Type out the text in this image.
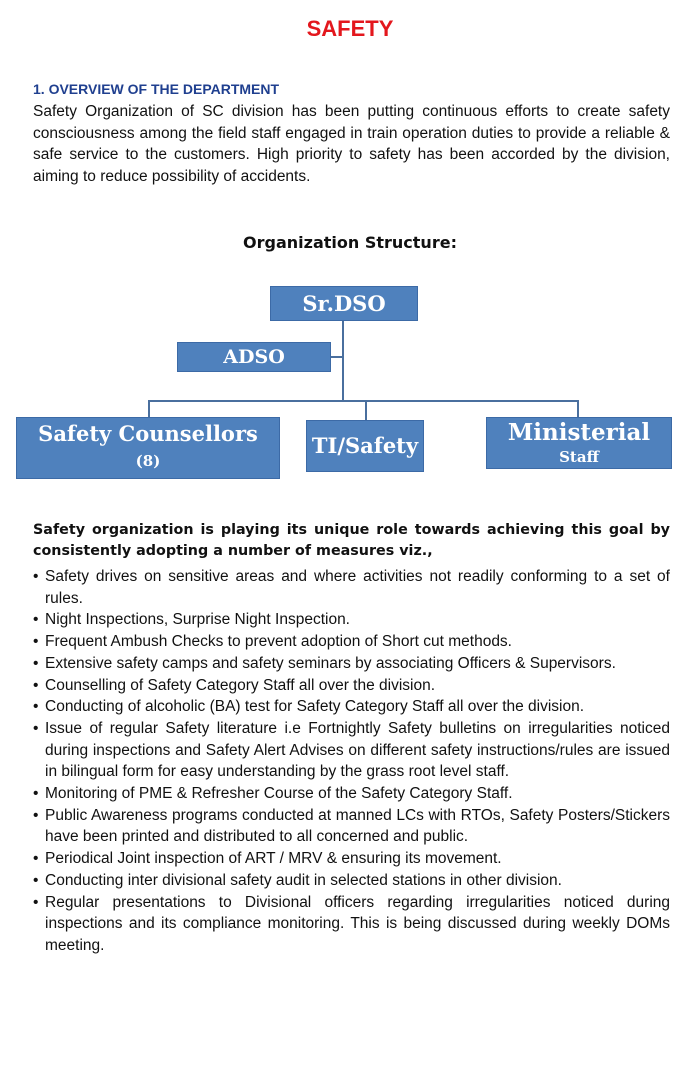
SAFETY
1. OVERVIEW OF THE DEPARTMENT

Safety Organization of SC division has been putting continuous efforts to create safety consciousness among the field staff engaged in train operation duties to provide a reliable & safe service to the customers. High priority to safety has been accorded by the division, aiming to reduce possibility of accidents.

Organization Structure:
Sr.DSO
ADSO
Safety Counsellors
(8)
TI/Safety	Ministerial
Staff

Safety organization is playing its unique role towards achieving this goal by consistently adopting a number of measures viz.,

• Safety drives on sensitive areas and where activities not readily conforming to a set of rules.
• Night Inspections, Surprise Night Inspection.
• Frequent Ambush Checks to prevent adoption of Short cut methods.
• Extensive safety camps and safety seminars by associating Officers & Supervisors.
• Counselling of Safety Category Staff all over the division.
• Conducting of alcoholic (BA) test for Safety Category Staff all over the division.
• Issue of regular Safety literature i.e Fortnightly Safety bulletins on irregularities noticed during inspections and Safety Alert Advises on different safety instructions/rules are issued in bilingual form for easy understanding by the grass root level staff.
• Monitoring of PME & Refresher Course of the Safety Category Staff.
• Public Awareness programs conducted at manned LCs with RTOs, Safety Posters/Stickers have been printed and distributed to all concerned and public.
• Periodical Joint inspection of ART / MRV & ensuring its movement.
• Conducting inter divisional safety audit in selected stations in other division.
• Regular presentations to Divisional officers regarding irregularities noticed during inspections and its compliance monitoring. This is being discussed during weekly DOMs meeting.
